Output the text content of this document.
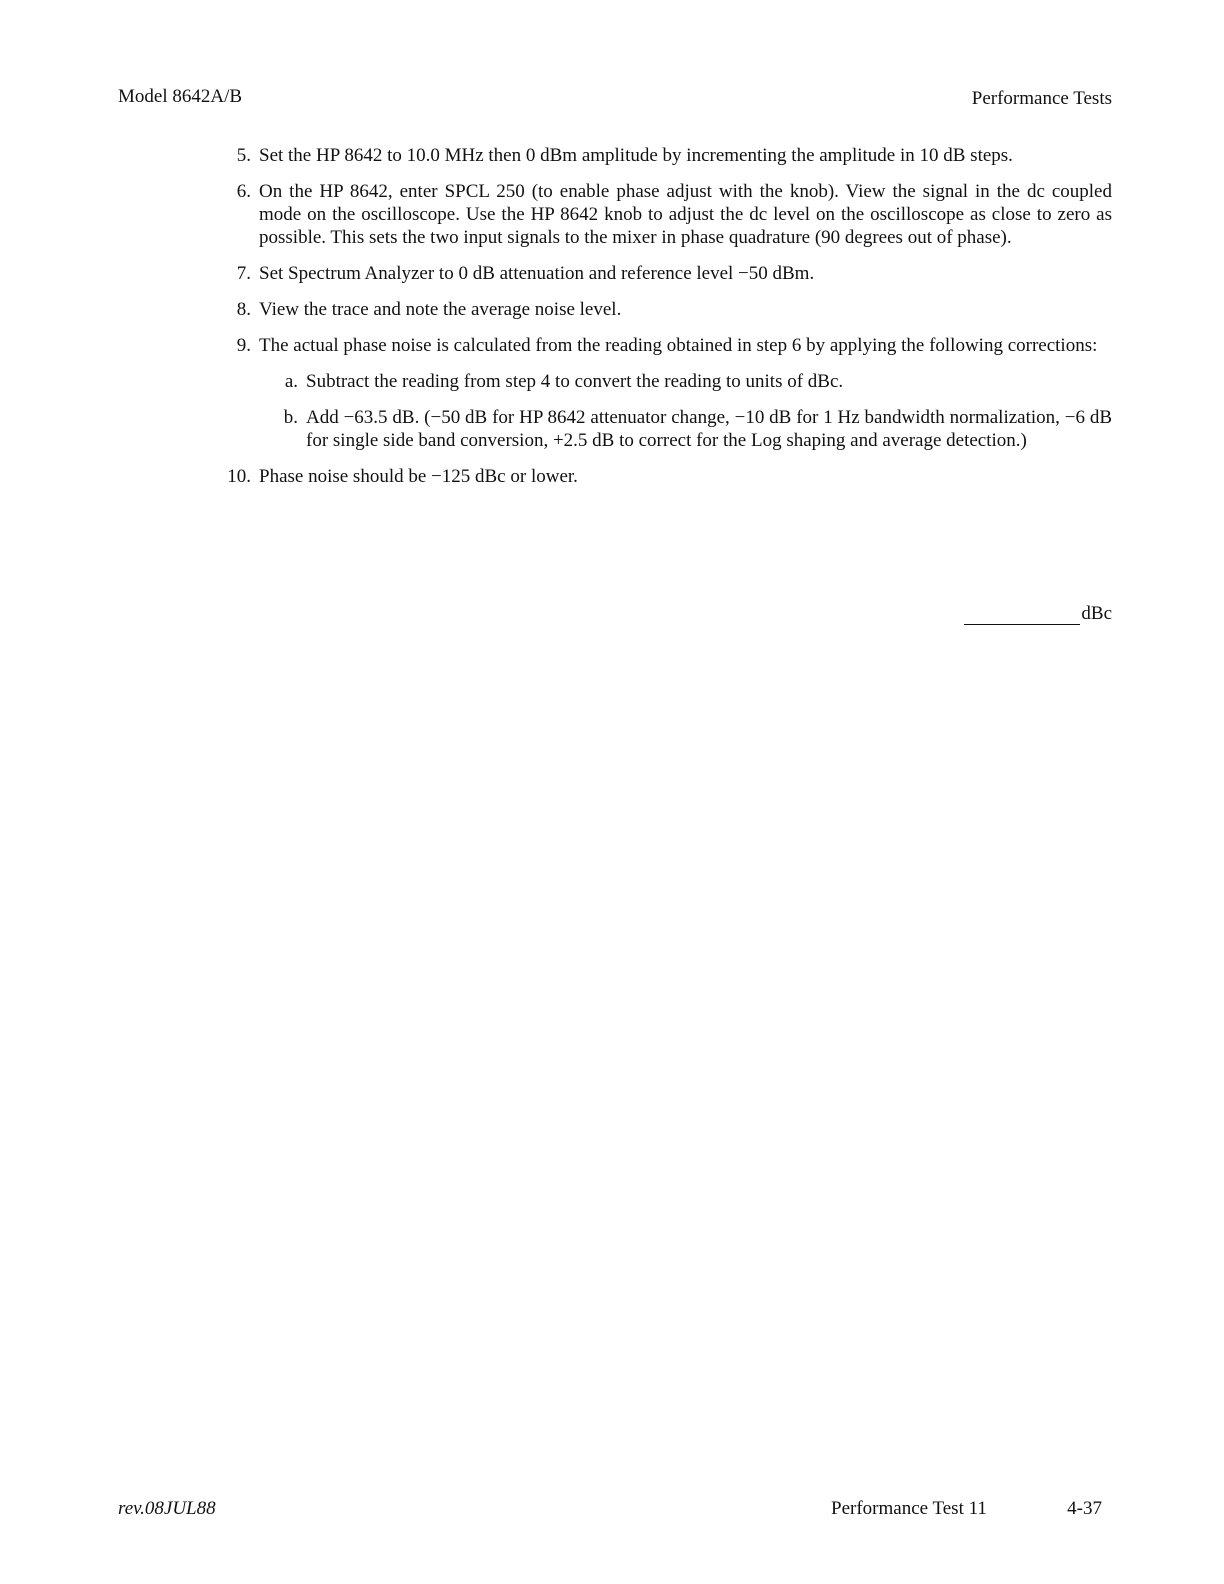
Model 8642A/B	Performance Tests
5. Set the HP 8642 to 10.0 MHz then 0 dBm amplitude by incrementing the amplitude in 10 dB steps.
6. On the HP 8642, enter SPCL 250 (to enable phase adjust with the knob). View the signal in the dc coupled mode on the oscilloscope. Use the HP 8642 knob to adjust the dc level on the oscilloscope as close to zero as possible. This sets the two input signals to the mixer in phase quadrature (90 degrees out of phase).
7. Set Spectrum Analyzer to 0 dB attenuation and reference level −50 dBm.
8. View the trace and note the average noise level.
9. The actual phase noise is calculated from the reading obtained in step 6 by applying the following corrections:
a. Subtract the reading from step 4 to convert the reading to units of dBc.
b. Add −63.5 dB. (−50 dB for HP 8642 attenuator change, −10 dB for 1 Hz bandwidth normalization, −6 dB for single side band conversion, +2.5 dB to correct for the Log shaping and average detection.)
10. Phase noise should be −125 dBc or lower.
dBc
rev.08JUL88	Performance Test 11	4-37
